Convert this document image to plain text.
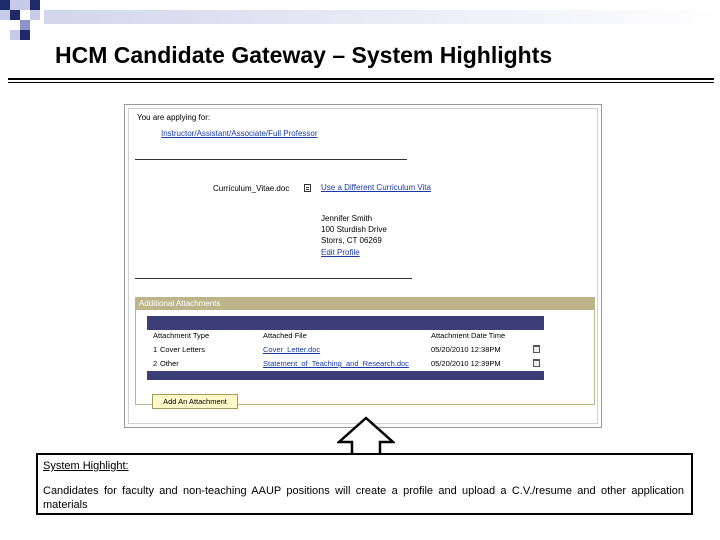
HCM Candidate Gateway – System Highlights
You are applying for:
Instructor/Assistant/Associate/Full Professor
Curriculum_Vitae.doc	Use a Different Curriculum Vita
Jennifer Smith
100 Sturdish Drive
Storrs, CT 06269
Edit Profile
Additional Attachments
Attachment Type	Attached File	Attachment Date Time
1 Cover Letters	Cover_Letter.doc	05/20/2010 12:38PM
2 Other	Statement_of_Teaching_and_Research.doc	05/20/2010 12:39PM
Add An Attachment
System Highlight:
Candidates for faculty and non-teaching AAUP positions will create a profile and upload a C.V./resume and other application materials
